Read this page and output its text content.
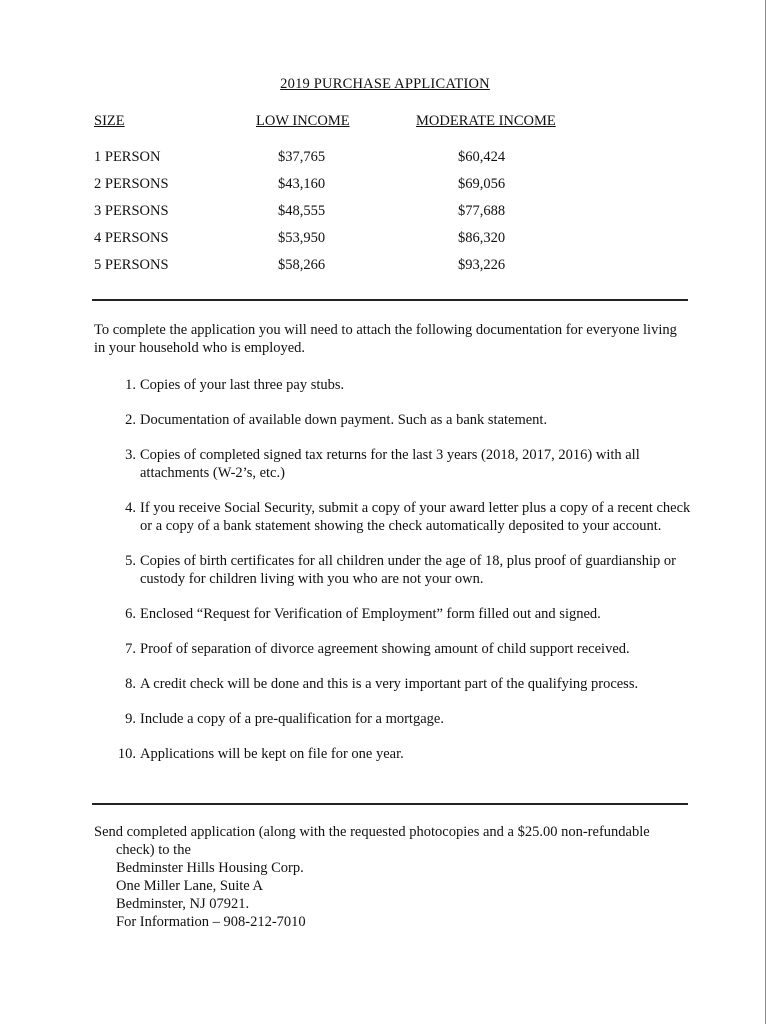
2019 PURCHASE APPLICATION
SIZE	LOW INCOME	MODERATE INCOME
1 PERSON	$37,765	$60,424
2 PERSONS	$43,160	$69,056
3 PERSONS	$48,555	$77,688
4 PERSONS	$53,950	$86,320
5 PERSONS	$58,266	$93,226
To complete the application you will need to attach the following documentation for everyone living in your household who is employed.
1. Copies of your last three pay stubs.
2. Documentation of available down payment. Such as a bank statement.
3. Copies of completed signed tax returns for the last 3 years (2018, 2017, 2016) with all attachments (W-2’s, etc.)
4. If you receive Social Security, submit a copy of your award letter plus a copy of a recent check or a copy of a bank statement showing the check automatically deposited to your account.
5. Copies of birth certificates for all children under the age of 18, plus proof of guardianship or custody for children living with you who are not your own.
6. Enclosed “Request for Verification of Employment” form filled out and signed.
7. Proof of separation of divorce agreement showing amount of child support received.
8. A credit check will be done and this is a very important part of the qualifying process.
9. Include a copy of a pre-qualification for a mortgage.
10. Applications will be kept on file for one year.
Send completed application (along with the requested photocopies and a $25.00 non-refundable
check) to the
Bedminster Hills Housing Corp.
One Miller Lane, Suite A
Bedminster, NJ 07921.
For Information – 908-212-7010
